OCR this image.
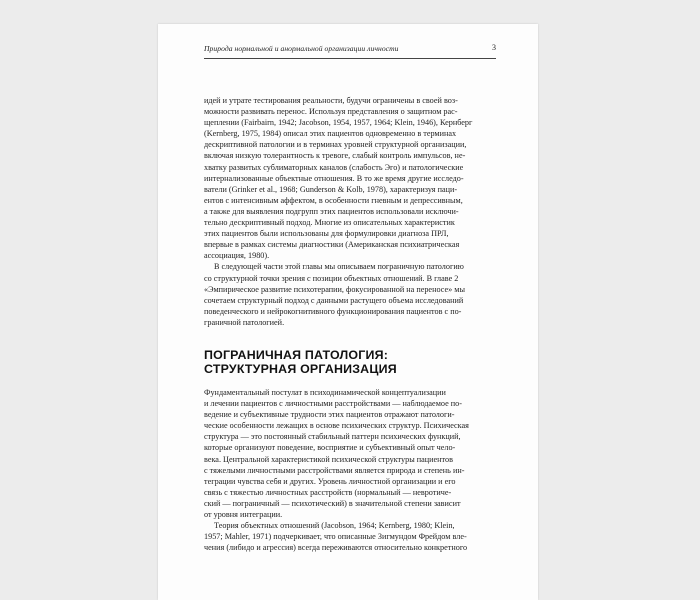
Природа нормальной и анормальной организации личности	3
идей и утрате тестирования реальности, будучи ограничены в своей воз-
можности развивать перенос. Используя представления о защитном рас-
щеплении (Fairbairn, 1942; Jacobson, 1954, 1957, 1964; Klein, 1946), Кернберг
(Kernberg, 1975, 1984) описал этих пациентов одновременно в терминах
дескриптивной патологии и в терминах уровней структурной организации,
включая низкую толерантность к тревоге, слабый контроль импульсов, не-
хватку развитых сублиматорных каналов (слабость Эго) и патологические
интернализованные объектные отношения. В то же время другие исследо-
ватели (Grinker et al., 1968; Gunderson & Kolb, 1978), характеризуя паци-
ентов с интенсивным аффектом, в особенности гневным и депрессивным,
а также для выявления подгрупп этих пациентов использовали исключи-
тельно дескриптивный подход. Многие из описательных характеристик
этих пациентов были использованы для формулировки диагноза ПРЛ,
впервые в рамках системы диагностики (Американская психиатрическая
ассоциация, 1980).
В следующей части этой главы мы описываем пограничную патологию
со структурной точки зрения с позиции объектных отношений. В главе 2
«Эмпирическое развитие психотерапии, фокусированной на переносе» мы
сочетаем структурный подход с данными растущего объема исследований
поведенческого и нейрокогнитивного функционирования пациентов с по-
граничной патологией.
ПОГРАНИЧНАЯ ПАТОЛОГИЯ:
СТРУКТУРНАЯ ОРГАНИЗАЦИЯ
Фундаментальный постулат в психодинамической концептуализации
и лечении пациентов с личностными расстройствами — наблюдаемое по-
ведение и субъективные трудности этих пациентов отражают патологи-
ческие особенности лежащих в основе психических структур. Психическая
структура — это постоянный стабильный паттерн психических функций,
которые организуют поведение, восприятие и субъективный опыт чело-
века. Центральной характеристикой психической структуры пациентов
с тяжелыми личностными расстройствами является природа и степень ин-
теграции чувства себя и других. Уровень личностной организации и его
связь с тяжестью личностных расстройств (нормальный — невротиче-
ский — пограничный — психотический) в значительной степени зависит
от уровня интеграции.
Теория объектных отношений (Jacobson, 1964; Kernberg, 1980; Klein,
1957; Mahler, 1971) подчеркивает, что описанные Зигмундом Фрейдом вле-
чения (либидо и агрессия) всегда переживаются относительно конкретного
